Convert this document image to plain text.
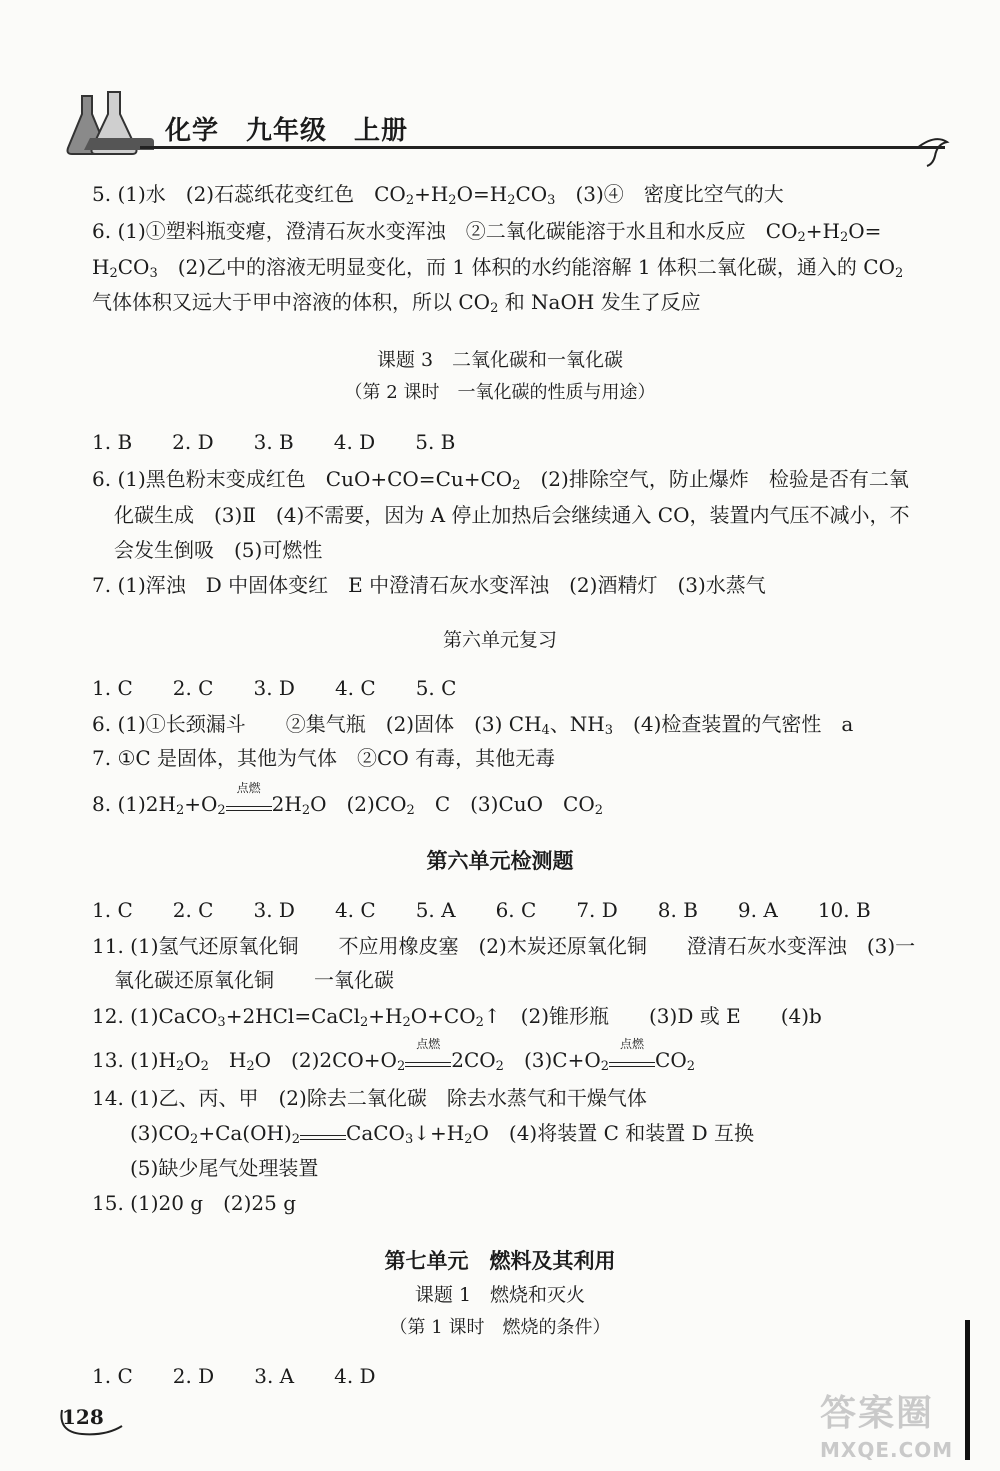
化学　九年级　上册
5. (1)水　(2)石蕊纸花变红色　$CO_2+H_2O=H_2CO_3$　(3)④　密度比空气的大
6. (1)①塑料瓶变瘪，澄清石灰水变浑浊　②二氧化碳能溶于水且和水反应　$CO_2+H_2O=$
$H_2CO_3$　(2)乙中的溶液无明显变化，而 1 体积的水约能溶解 1 体积二氧化碳，通入的 $CO_2$
气体体积又远大于甲中溶液的体积，所以 $CO_2$ 和 NaOH 发生了反应
课题 3　二氧化碳和一氧化碳
（第 2 课时　一氧化碳的性质与用途）
1. B　　2. D　　3. B　　4. D　　5. B
6. (1)黑色粉末变成红色　$CuO+CO=Cu+CO_2$　(2)排除空气，防止爆炸　检验是否有二氧
化碳生成　(3)Ⅱ　(4)不需要，因为 A 停止加热后会继续通入 CO，装置内气压不减小，不
会发生倒吸　(5)可燃性
7. (1)浑浊　D 中固体变红　E 中澄清石灰水变浑浊　(2)酒精灯　(3)水蒸气
第六单元复习
1. C　　2. C　　3. D　　4. C　　5. C
6. (1)①长颈漏斗　　②集气瓶　(2)固体　(3) $CH_4$、$NH_3$　(4)检查装置的气密性　a
7. ①C 是固体，其他为气体　②CO 有毒，其他无毒
8. $(1)2H_2+O_2$
点燃
$2H_2O$　$(2)CO_2$　C　(3)CuO　$CO_2$
第六单元检测题
1. C　　2. C　　3. D　　4. C　　5. A　　6. C　　7. D　　8. B　　9. A　　10. B
11. (1)氢气还原氧化铜　　不应用橡皮塞　(2)木炭还原氧化铜　　澄清石灰水变浑浊　(3)一
氧化碳还原氧化铜　　一氧化碳
12. $(1)CaCO_3+2HCl=CaCl_2+H_2O+CO_2↑$　(2)锥形瓶　　(3)D 或 E　　(4)b
13. $(1)H_2O_2$　$H_2O$　$(2)2CO+O_2$
点燃
$2CO_2$　$(3)C+O_2$
点燃
$CO_2$
14. (1)乙、丙、甲　(2)除去二氧化碳　除去水蒸气和干燥气体
$(3)CO_2+Ca(OH)_2$ $CaCO_3↓+H_2O$　(4)将装置 C 和装置 D 互换
(5)缺少尾气处理装置
15. (1)20 g　(2)25 g
第七单元　燃料及其利用
课题 1　燃烧和灭火
（第 1 课时　燃烧的条件）
1. C　　2. D　　3. A　　4. D
128	答案圈
MXQE.COM
